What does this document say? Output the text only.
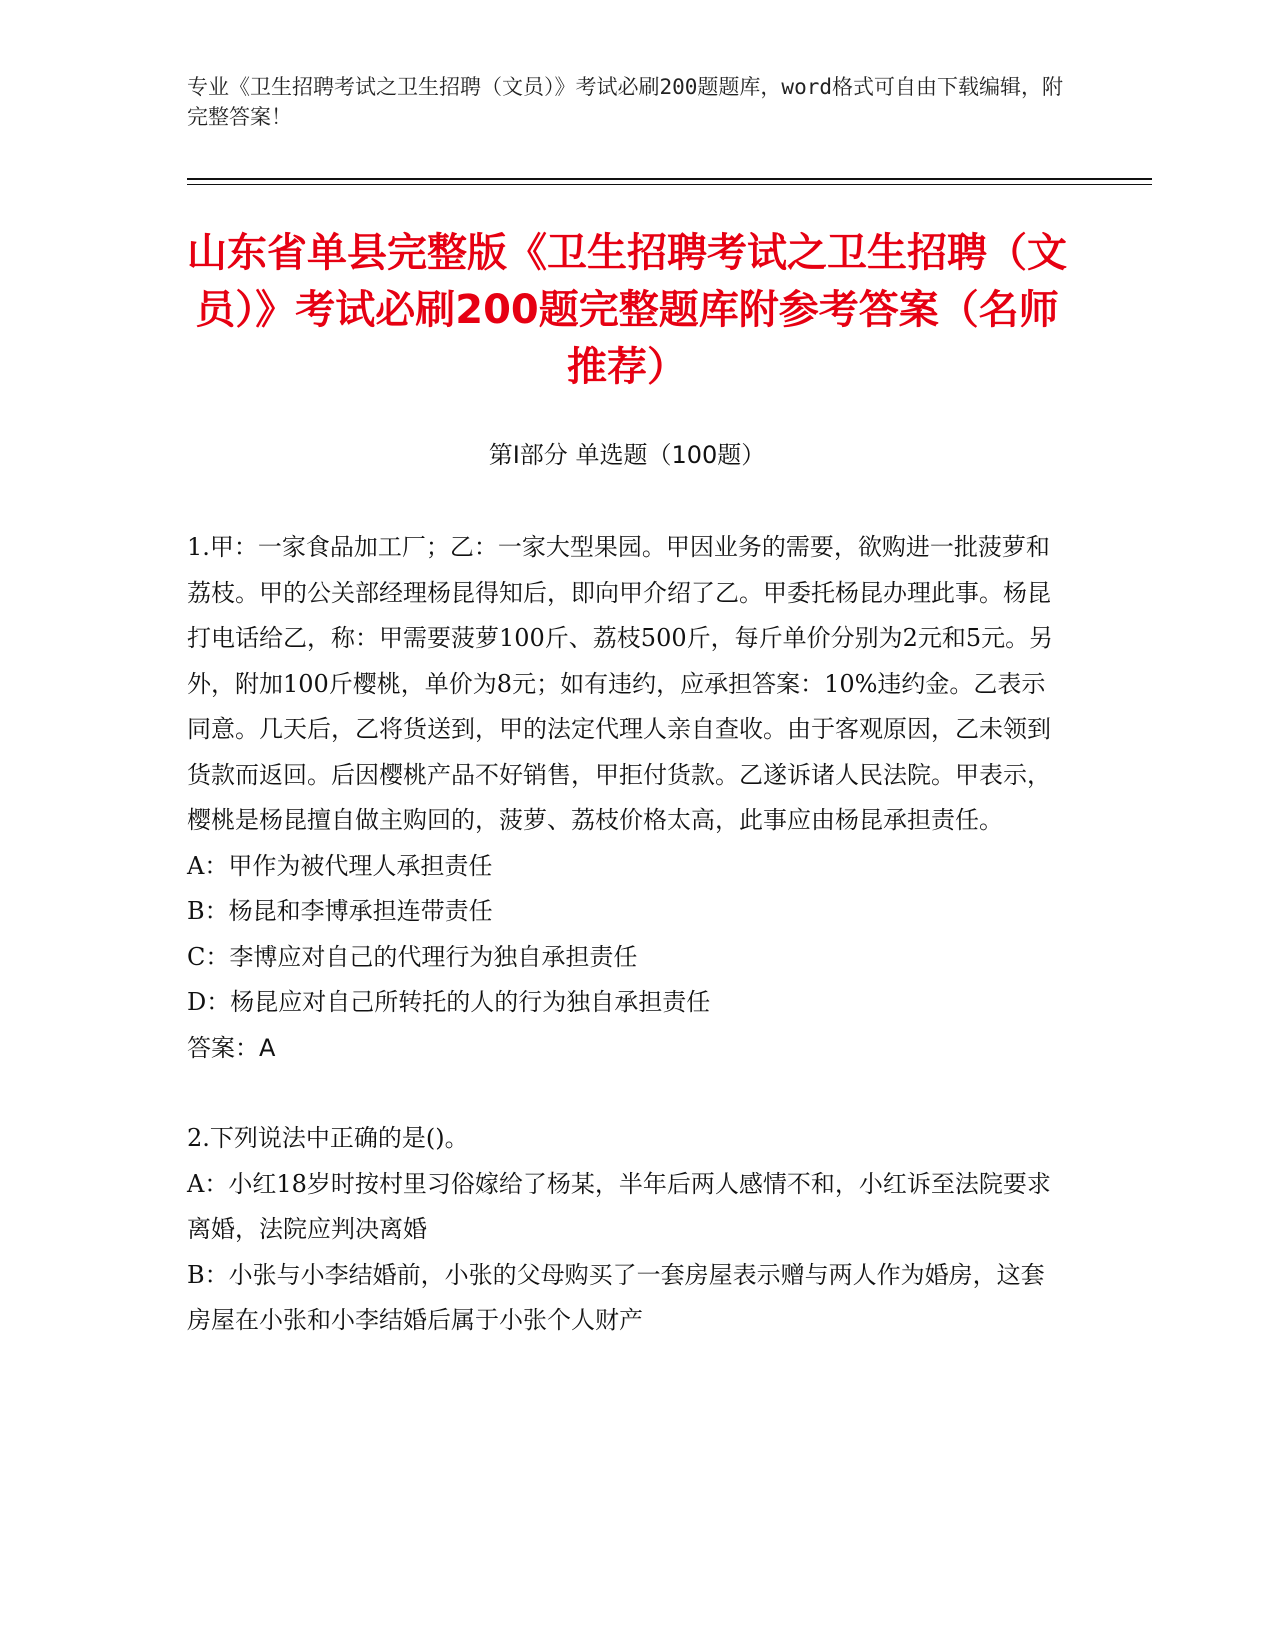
专业《卫生招聘考试之卫生招聘（文员）》考试必刷200题题库，word格式可自由下载编辑，附完整答案！
山东省单县完整版《卫生招聘考试之卫生招聘（文员）》考试必刷200题完整题库附参考答案（名师推荐）
第I部分 单选题（100题）

1.甲：一家食品加工厂；乙：一家大型果园。甲因业务的需要，欲购进一批菠萝和荔枝。甲的公关部经理杨昆得知后，即向甲介绍了乙。甲委托杨昆办理此事。杨昆打电话给乙，称：甲需要菠萝100斤、荔枝500斤，每斤单价分别为2元和5元。另外，附加100斤樱桃，单价为8元；如有违约，应承担答案：10%违约金。乙表示同意。几天后，乙将货送到，甲的法定代理人亲自查收。由于客观原因，乙未领到货款而返回。后因樱桃产品不好销售，甲拒付货款。乙遂诉诸人民法院。甲表示，樱桃是杨昆擅自做主购回的，菠萝、荔枝价格太高，此事应由杨昆承担责任。

A：甲作为被代理人承担责任

B：杨昆和李博承担连带责任

C：李博应对自己的代理行为独自承担责任

D：杨昆应对自己所转托的人的行为独自承担责任

答案：A

2.下列说法中正确的是()。

A：小红18岁时按村里习俗嫁给了杨某，半年后两人感情不和，小红诉至法院要求离婚，法院应判决离婚

B：小张与小李结婚前，小张的父母购买了一套房屋表示赠与两人作为婚房，这套房屋在小张和小李结婚后属于小张个人财产
